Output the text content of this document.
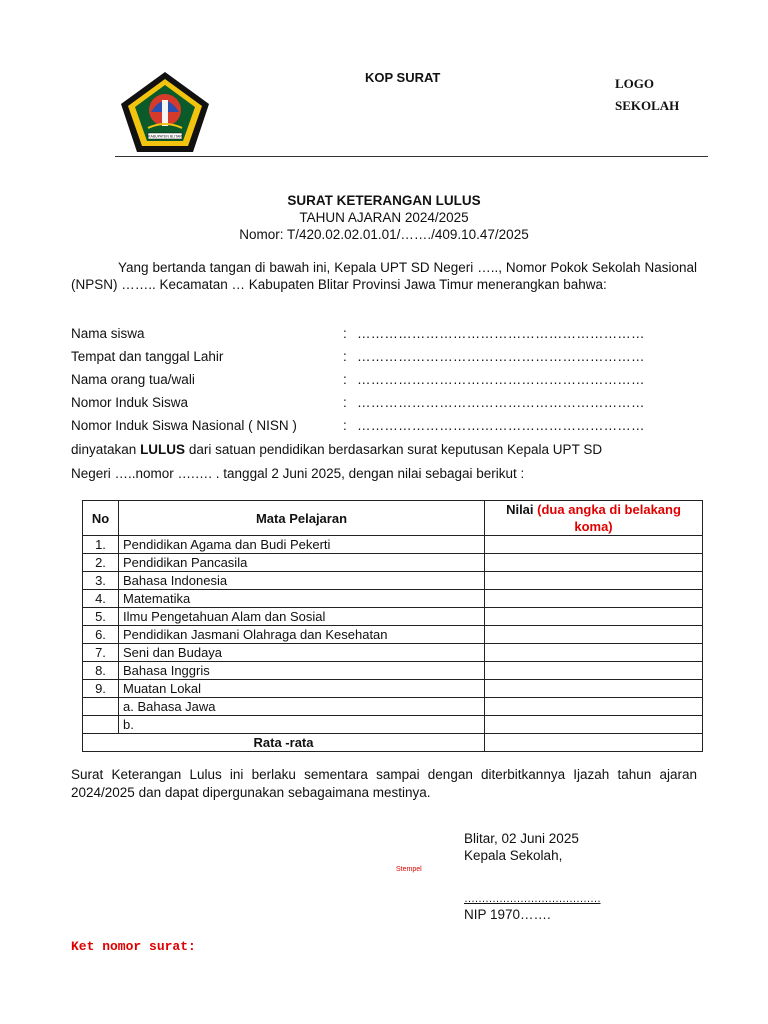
KABUPATEN BLITAR
KOP SURAT	LOGO
SEKOLAH
SURAT KETERANGAN LULUS
TAHUN AJARAN 2024/2025
Nomor: T/420.02.02.01.01/……./409.10.47/2025
Yang bertanda tangan di bawah ini, Kepala UPT SD Negeri ….., Nomor Pokok Sekolah Nasional (NPSN) …….. Kecamatan … Kabupaten Blitar Provinsi Jawa Timur menerangkan bahwa:
Nama siswa	: ………………………………………………………
Tempat dan tanggal Lahir	: ………………………………………………………
Nama orang tua/wali	: ………………………………………………………
Nomor Induk Siswa	: ………………………………………………………
Nomor Induk Siswa Nasional ( NISN )	: ………………………………………………………
dinyatakan LULUS dari satuan pendidikan berdasarkan surat keputusan Kepala UPT SD
Negeri …..nomor ….…. . tanggal 2 Juni 2025, dengan nilai sebagai berikut :
No	Mata Pelajaran	Nilai (dua angka di belakang koma)
1.	Pendidikan Agama dan Budi Pekerti	
2.	Pendidikan Pancasila	
3.	Bahasa Indonesia	
4.	Matematika	
5.	Ilmu Pengetahuan Alam dan Sosial	
6.	Pendidikan Jasmani Olahraga dan Kesehatan	
7.	Seni dan Budaya	
8.	Bahasa Inggris	
9.	Muatan Lokal	
	a. Bahasa Jawa	
	b.	
Rata -rata		
Surat Keterangan Lulus ini berlaku sementara sampai dengan diterbitkannya Ijazah tahun ajaran 2024/2025 dan dapat dipergunakan sebagaimana mestinya.
Blitar, 02 Juni 2025
Kepala Sekolah,
Stempel
…………………………………
NIP 1970…….
Ket nomor surat:
